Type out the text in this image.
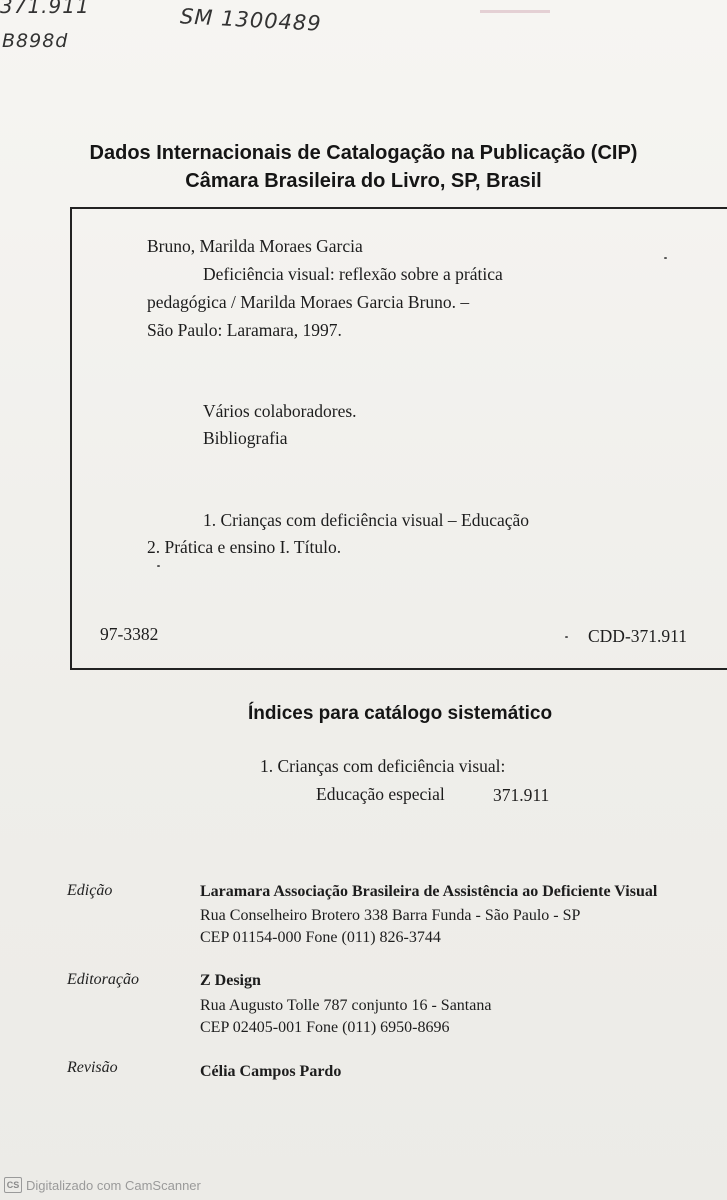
371.911
B898d
SM 1300489
Dados Internacionais de Catalogação na Publicação (CIP)
Câmara Brasileira do Livro, SP, Brasil
Bruno, Marilda Moraes Garcia
Deficiência visual: reflexão sobre a prática
pedagógica / Marilda Moraes Garcia Bruno. –
São Paulo: Laramara, 1997.
Vários colaboradores.
Bibliografia
1. Crianças com deficiência visual – Educação
2. Prática e ensino I. Título.
97-3382	CDD-371.911
Índices para catálogo sistemático
1. Crianças com deficiência visual:
Educação especial	371.911
Edição	Laramara Associação Brasileira de Assistência ao Deficiente Visual
Rua Conselheiro Brotero 338 Barra Funda - São Paulo - SP
CEP 01154-000 Fone (011) 826-3744
Editoração	Z Design
Rua Augusto Tolle 787 conjunto 16 - Santana
CEP 02405-001 Fone (011) 6950-8696
Revisão	Célia Campos Pardo
CS Digitalizado com CamScanner
